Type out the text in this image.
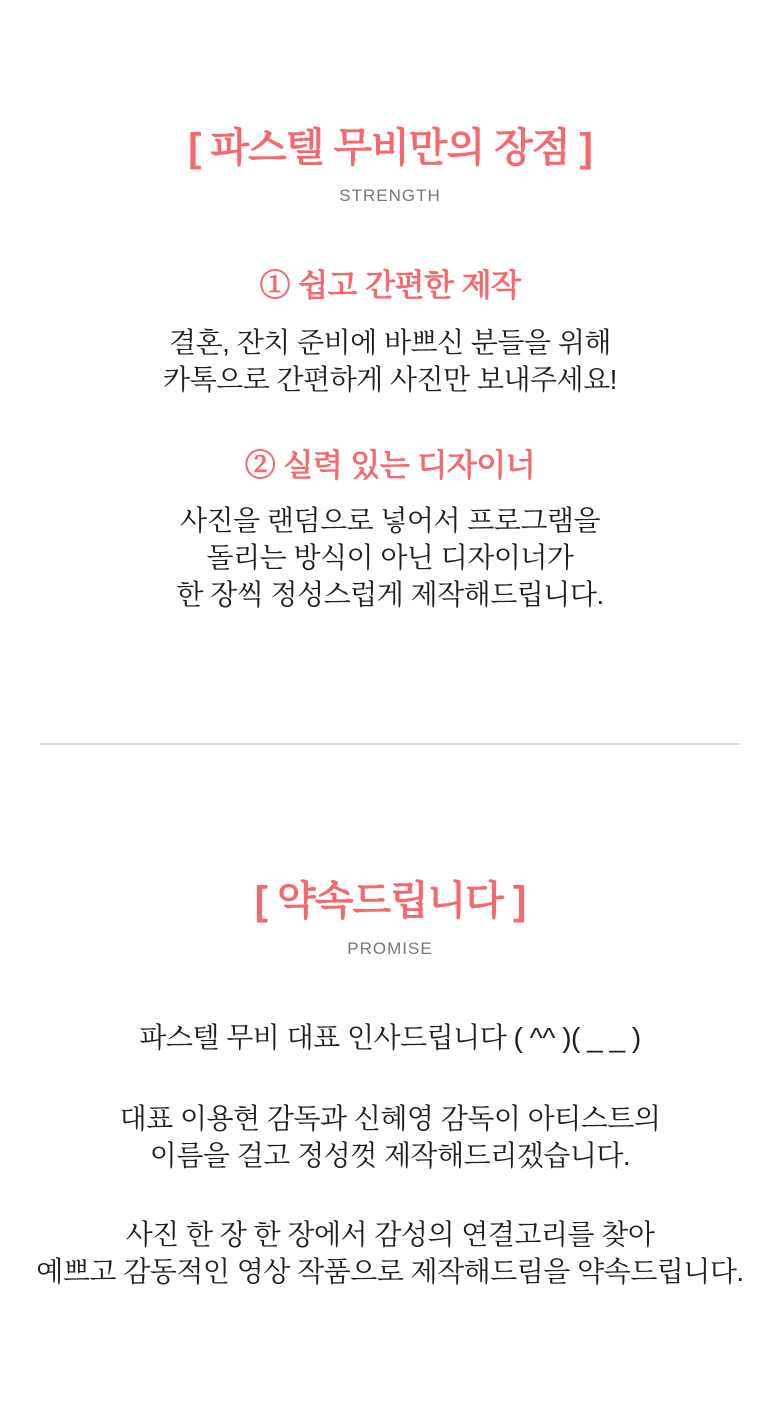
[ 파스텔 무비만의 장점 ]
STRENGTH
① 쉽고 간편한 제작

결혼, 잔치 준비에 바쁘신 분들을 위해
카톡으로 간편하게 사진만 보내주세요!

② 실력 있는 디자이너

사진을 랜덤으로 넣어서 프로그램을
돌리는 방식이 아닌 디자이너가
한 장씩 정성스럽게 제작해드립니다.

[ 약속드립니다 ]
PROMISE

파스텔 무비 대표 인사드립니다 ( ^^ )( _ _ )

대표 이용현 감독과 신혜영 감독이 아티스트의
이름을 걸고 정성껏 제작해드리겠습니다.

사진 한 장 한 장에서 감성의 연결고리를 찾아
예쁘고 감동적인 영상 작품으로 제작해드림을 약속드립니다.
